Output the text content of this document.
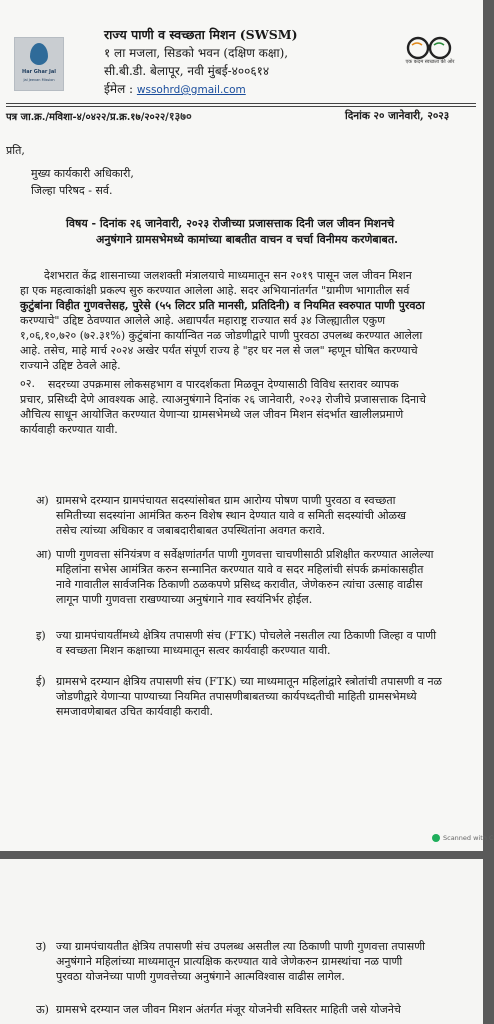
Har Ghar Jal
Jal Jeevan Mission
एक कदम स्वच्छता की ओर
राज्य पाणी व स्वच्छता मिशन (SWSM)
१ ला मजला, सिडको भवन (दक्षिण कक्षा),
सी.बी.डी. बेलापूर, नवी मुंबई-४००६१४
ईमेल : wssohrd@gmail.com
पत्र जा.क्र./मविशा-४/०४२२/प्र.क्र.१७/२०२२/१३७०	दिनांक २० जानेवारी, २०२३
प्रति,
मुख्य कार्यकारी अधिकारी,
जिल्हा परिषद - सर्व.
विषय - दिनांक २६ जानेवारी, २०२३ रोजीच्या प्रजासत्ताक दिनी जल जीवन मिशनचे
अनुषंगाने ग्रामसभेमध्ये कामांच्या बाबतीत वाचन व चर्चा विनीमय करणेबाबत.
देशभरात केंद्र शासनाच्या जलशक्ती मंत्रालयाचे माध्यमातून सन २०१९ पासून जल जीवन मिशन
हा एक महत्वाकांक्षी प्रकल्प सुरु करण्यात आलेला आहे. सदर अभियानांतर्गत "ग्रामीण भागातील सर्व
कुटुंबांना विहीत गुणवत्तेसह, पुरेसे (५५ लिटर प्रति मानसी, प्रतिदिनी) व नियमित स्वरुपात पाणी पुरवठा
करण्याचे" उद्दिष्ट ठेवण्यात आलेले आहे. अद्यापर्यंत महाराष्ट्र राज्यात सर्व ३४ जिल्ह्यातील एकुण
१,०६,१०,७२० (७२.३१%) कुटुंबांना कार्यान्वित नळ जोडणीद्वारे पाणी पुरवठा उपलब्ध करण्यात आलेला
आहे. तसेच, माहे मार्च २०२४ अखेर पर्यंत संपूर्ण राज्य हे "हर घर नल से जल" म्हणून घोषित करण्याचे
राज्याने उद्दिष्ट ठेवले आहे.
०२.	सदरच्या उपक्रमास लोकसहभाग व पारदर्शकता मिळवून देण्यासाठी विविध स्तरावर व्यापक
प्रचार, प्रसिध्दी देणे आवश्यक आहे. त्याअनुषंगाने दिनांक २६ जानेवारी, २०२३ रोजीचे प्रजासत्ताक दिनाचे
औचित्य साधून आयोजित करण्यात येणाऱ्या ग्रामसभेमध्ये जल जीवन मिशन संदर्भात खालीलप्रमाणे
कार्यवाही करण्यात यावी.
अ) ग्रामसभे दरम्यान ग्रामपंचायत सदस्यांसोबत ग्राम आरोग्य पोषण पाणी पुरवठा व स्वच्छता
समितीच्या सदस्यांना आमंत्रित करुन विशेष स्थान देण्यात यावे व समिती सदस्यांची ओळख
तसेच त्यांच्या अधिकार व जबाबदारीबाबत उपस्थितांना अवगत करावे.
आ) पाणी गुणवत्ता संनियंत्रण व सर्वेक्षणांतर्गत पाणी गुणवत्ता चाचणीसाठी प्रशिक्षीत करण्यात आलेल्या
महिलांना सभेस आमंत्रित करुन सन्मानित करण्यात यावे व सदर महिलांची संपर्क क्रमांकासहीत
नावे गावातील सार्वजनिक ठिकाणी ठळकपणे प्रसिध्द करावीत, जेणेकरुन त्यांचा उत्साह वाढीस
लागून पाणी गुणवत्ता राखण्याच्या अनुषंगाने गाव स्वयंनिर्भर होईल.
इ) ज्या ग्रामपंचायतींमध्ये क्षेत्रिय तपासणी संच (FTK) पोचलेले नसतील त्या ठिकाणी जिल्हा व पाणी
व स्वच्छता मिशन कक्षाच्या माध्यमातून सत्वर कार्यवाही करण्यात यावी.
ई) ग्रामसभे दरम्यान क्षेत्रिय तपासणी संच (FTK) च्या माध्यमातून महिलांद्वारे स्त्रोतांची तपासणी व नळ
जोडणीद्वारे येणाऱ्या पाण्याच्या नियमित तपासणीबाबतच्या कार्यपध्दतीची माहिती ग्रामसभेमध्ये
समजावणेबाबत उचित कार्यवाही करावी.
Scanned with C
उ) ज्या ग्रामपंचायतीत क्षेत्रिय तपासणी संच उपलब्ध असतील त्या ठिकाणी पाणी गुणवत्ता तपासणी
अनुषंगाने महिलांच्या माध्यमातून प्रात्यक्षिक करण्यात यावे जेणेकरुन ग्रामस्थांचा नळ पाणी
पुरवठा योजनेच्या पाणी गुणवत्तेच्या अनुषंगाने आत्मविश्वास वाढीस लागेल.
ऊ) ग्रामसभे दरम्यान जल जीवन मिशन अंतर्गत मंजूर योजनेची सविस्तर माहिती जसे योजनेचे
